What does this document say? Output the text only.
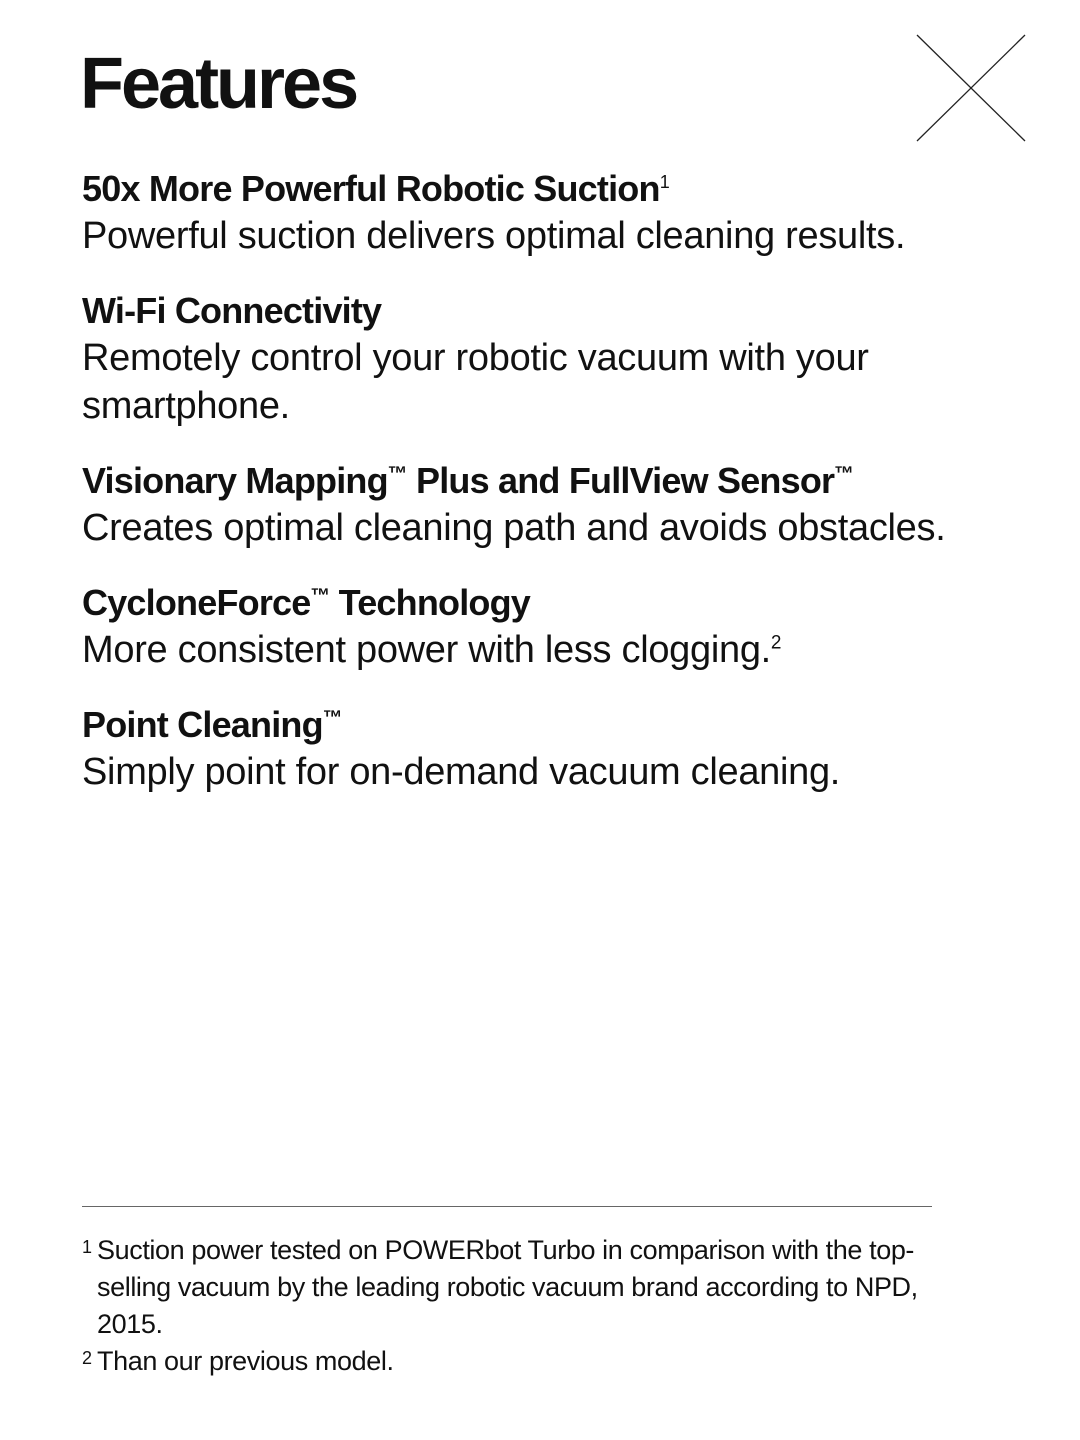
Features
50x More Powerful Robotic Suction$^1$
Powerful suction delivers optimal cleaning results.
Wi-Fi Connectivity
Remotely control your robotic vacuum with your smartphone.
Visionary Mapping™ Plus and FullView Sensor™
Creates optimal cleaning path and avoids obstacles.
CycloneForce™ Technology
More consistent power with less clogging.$^2$
Point Cleaning™
Simply point for on-demand vacuum cleaning.
1 Suction power tested on POWERbot Turbo in comparison with the top-selling vacuum by the leading robotic vacuum brand according to NPD, 2015.
2 Than our previous model.
